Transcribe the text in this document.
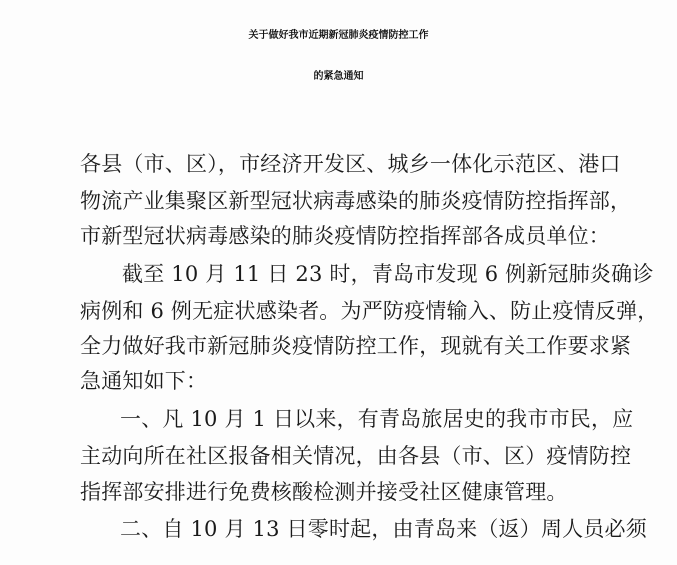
关于做好我市近期新冠肺炎疫情防控工作
的紧急通知
各县（市、区），市经济开发区、城乡一体化示范区、港口
物流产业集聚区新型冠状病毒感染的肺炎疫情防控指挥部，
市新型冠状病毒感染的肺炎疫情防控指挥部各成员单位：
截至 10 月 11 日 23 时，青岛市发现 6 例新冠肺炎确诊
病例和 6 例无症状感染者。为严防疫情输入、防止疫情反弹，
全力做好我市新冠肺炎疫情防控工作，现就有关工作要求紧
急通知如下：
一、凡 10 月 1 日以来，有青岛旅居史的我市市民，应
主动向所在社区报备相关情况，由各县（市、区）疫情防控
指挥部安排进行免费核酸检测并接受社区健康管理。
二、自 10 月 13 日零时起，由青岛来（返）周人员必须
